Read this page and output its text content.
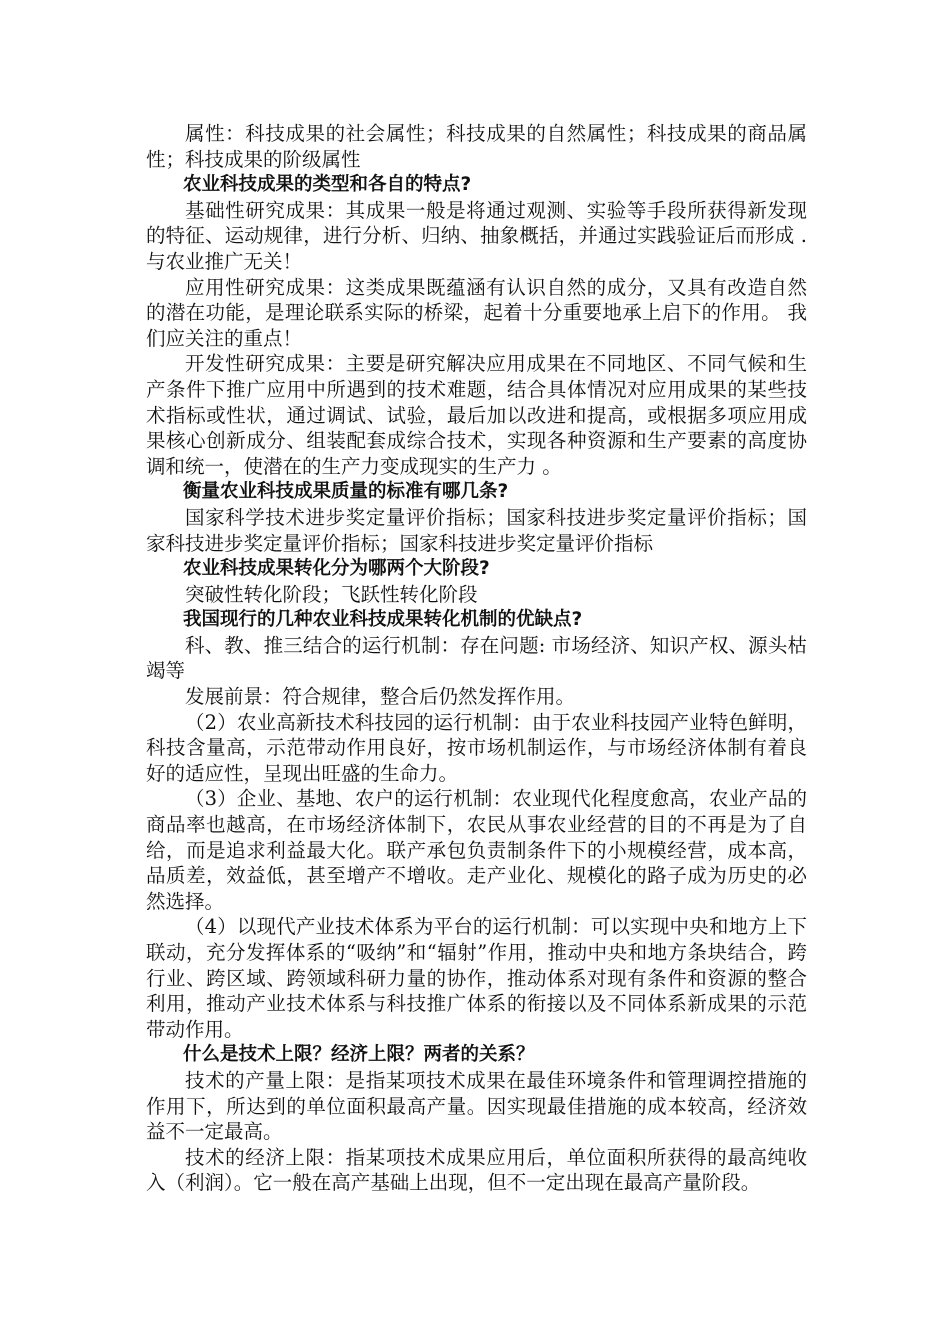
属性：科技成果的社会属性；科技成果的自然属性；科技成果的商品属性；科技成果的阶级属性

农业科技成果的类型和各自的特点?

基础性研究成果：其成果一般是将通过观测、实验等手段所获得新发现的特征、运动规律，进行分析、归纳、抽象概括，并通过实践验证后而形成 .与农业推广无关！

应用性研究成果：这类成果既蕴涵有认识自然的成分，又具有改造自然的潜在功能，是理论联系实际的桥梁，起着十分重要地承上启下的作用。 我们应关注的重点！

开发性研究成果：主要是研究解决应用成果在不同地区、不同气候和生产条件下推广应用中所遇到的技术难题，结合具体情况对应用成果的某些技术指标或性状，通过调试、试验，最后加以改进和提高，或根据多项应用成果核心创新成分、组装配套成综合技术，实现各种资源和生产要素的高度协调和统一，使潜在的生产力变成现实的生产力 。

衡量农业科技成果质量的标准有哪几条?

国家科学技术进步奖定量评价指标；国家科技进步奖定量评价指标；国家科技进步奖定量评价指标；国家科技进步奖定量评价指标

农业科技成果转化分为哪两个大阶段?

突破性转化阶段；飞跃性转化阶段

我国现行的几种农业科技成果转化机制的优缺点?

科、教、推三结合的运行机制：存在问题: 市场经济、知识产权、源头枯竭等

发展前景：符合规律，整合后仍然发挥作用。

（2）农业高新技术科技园的运行机制：由于农业科技园产业特色鲜明，科技含量高，示范带动作用良好，按市场机制运作，与市场经济体制有着良好的适应性，呈现出旺盛的生命力。

（3）企业、基地、农户的运行机制：农业现代化程度愈高，农业产品的商品率也越高，在市场经济体制下，农民从事农业经营的目的不再是为了自给，而是追求利益最大化。联产承包负责制条件下的小规模经营，成本高，品质差，效益低，甚至增产不增收。走产业化、规模化的路子成为历史的必然选择。

（4）以现代产业技术体系为平台的运行机制：可以实现中央和地方上下联动，充分发挥体系的“吸纳”和“辐射”作用，推动中央和地方条块结合，跨行业、跨区域、跨领域科研力量的协作，推动体系对现有条件和资源的整合利用，推动产业技术体系与科技推广体系的衔接以及不同体系新成果的示范带动作用。

什么是技术上限？经济上限？两者的关系？

技术的产量上限：是指某项技术成果在最佳环境条件和管理调控措施的作用下，所达到的单位面积最高产量。因实现最佳措施的成本较高，经济效益不一定最高。

技术的经济上限：指某项技术成果应用后，单位面积所获得的最高纯收入（利润）。它一般在高产基础上出现，但不一定出现在最高产量阶段。
